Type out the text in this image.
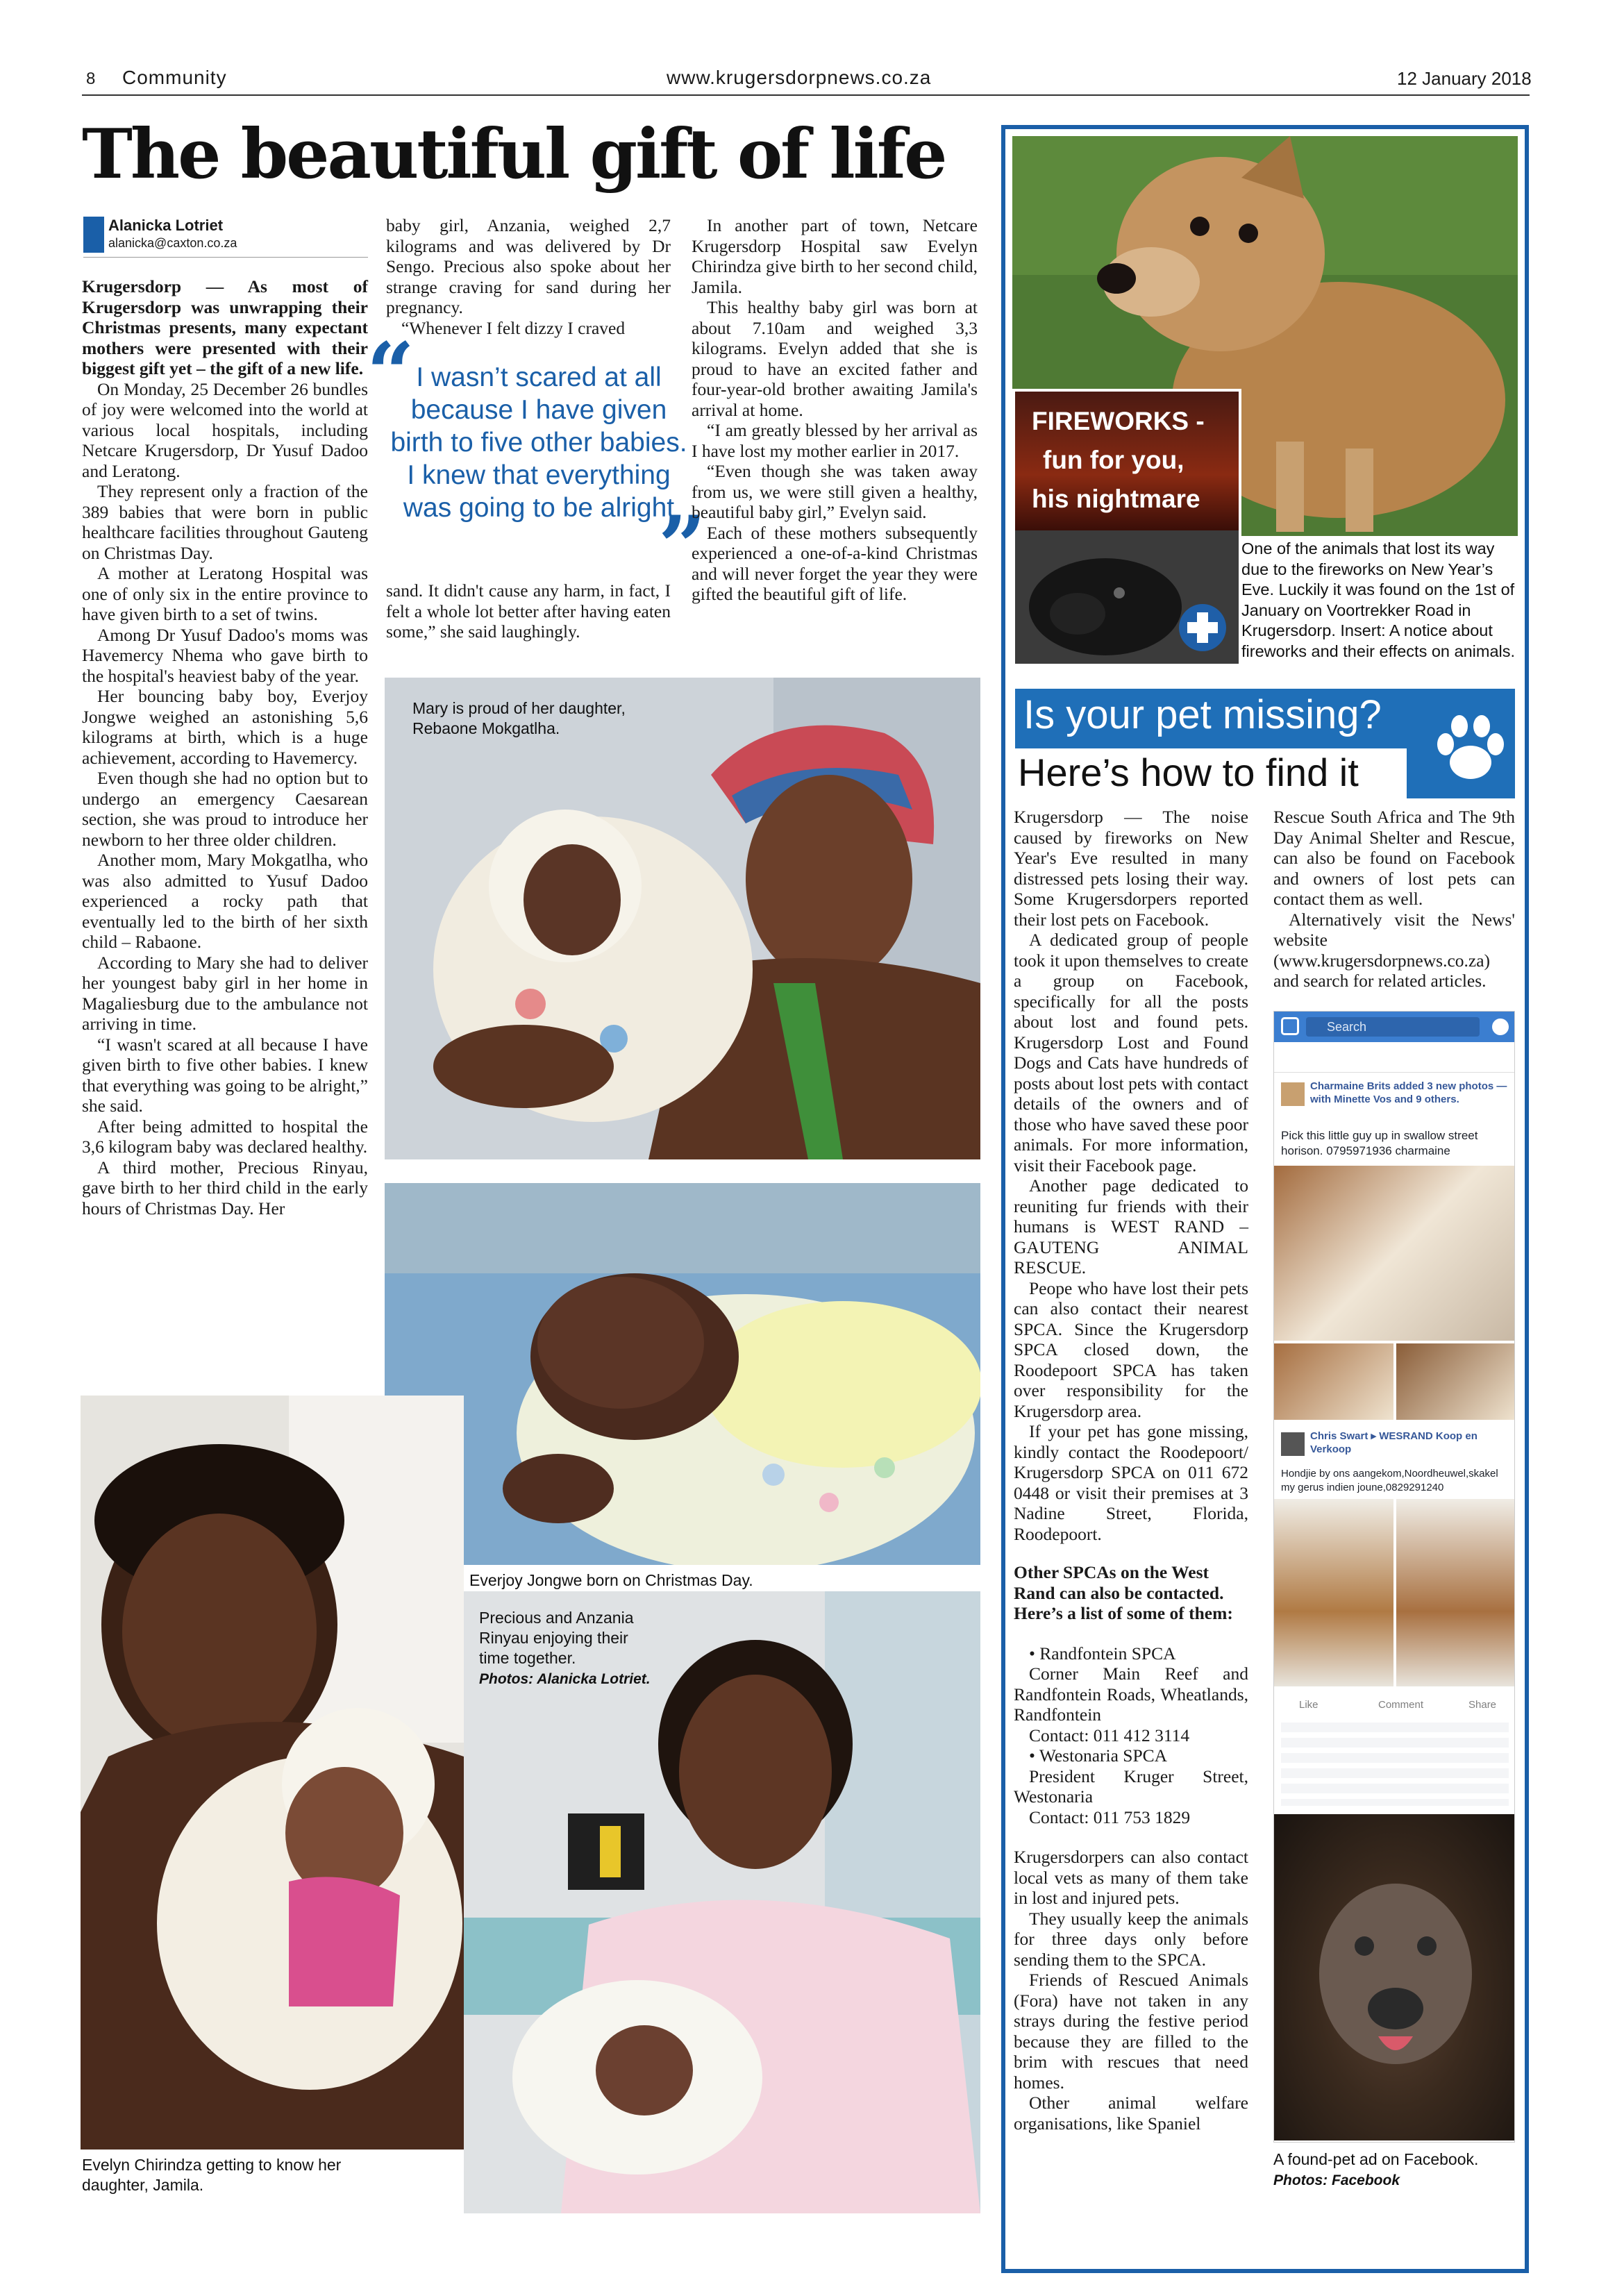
8 Community	www.krugersdorpnews.co.za	12 January 2018
The beautiful gift of life
Alanicka Lotriet
alanicka@caxton.co.za

Krugersdorp — As most of Krugersdorp was unwrapping their Christmas presents, many expectant mothers were presented with their biggest gift yet – the gift of a new life.

On Monday, 25 December 26 bundles of joy were welcomed into the world at various local hospitals, including Netcare Krugersdorp, Dr Yusuf Dadoo and Leratong.

They represent only a fraction of the 389 babies that were born in public healthcare facilities throughout Gauteng on Christmas Day.

A mother at Leratong Hospital was one of only six in the entire province to have given birth to a set of twins.

Among Dr Yusuf Dadoo's moms was Havemercy Nhema who gave birth to the hospital's heaviest baby of the year.

Her bouncing baby boy, Everjoy Jongwe weighed an astonishing 5,6 kilograms at birth, which is a huge achievement, according to Havemercy.

Even though she had no option but to undergo an emergency Caesarean section, she was proud to introduce her newborn to her three older children.

Another mom, Mary Mokgatlha, who was also admitted to Yusuf Dadoo experienced a rocky path that eventually led to the birth of her sixth child – Rabaone.

According to Mary she had to deliver her youngest baby girl in her home in Magaliesburg due to the ambulance not arriving in time.

“I wasn't scared at all because I have given birth to five other babies. I knew that everything was going to be alright,” she said.

After being admitted to hospital the 3,6 kilogram baby was declared healthy.

A third mother, Precious Rinyau, gave birth to her third child in the early hours of Christmas Day. Her

baby girl, Anzania, weighed 2,7 kilograms and was delivered by Dr Sengo. Precious also spoke about her strange craving for sand during her pregnancy.

“Whenever I felt dizzy I craved

“ I wasn’t scared at all because I have given birth to five other babies. I knew that everything was going to be alright
”

sand. It didn't cause any harm, in fact, I felt a whole lot better after having eaten some,” she said laughingly.

In another part of town, Netcare Krugersdorp Hospital saw Evelyn Chirindza give birth to her second child, Jamila.

This healthy baby girl was born at about 7.10am and weighed 3,3 kilograms. Evelyn added that she is proud to have an excited father and four-year-old brother awaiting Jamila's arrival at home.

“I am greatly blessed by her arrival as I have lost my mother earlier in 2017.

“Even though she was taken away from us, we were still given a healthy, beautiful baby girl,” Evelyn said.

Each of these mothers subsequently experienced a one-of-a-kind Christmas and will never forget the year they were gifted the beautiful gift of life.

Mary is proud of her daughter, Rebaone Mokgatlha.
Everjoy Jongwe born on Christmas Day.
Evelyn Chirindza getting to know her daughter, Jamila.
Precious and Anzania Rinyau enjoying their time together.
Photos: Alanicka Lotriet.
FIREWORKS -
fun for you,
his nightmare
One of the animals that lost its way due to the fireworks on New Year’s Eve. Luckily it was found on the 1st of January on Voortrekker Road in Krugersdorp. Insert: A notice about fireworks and their effects on animals.
Is your pet missing?
Here’s how to find it

Krugersdorp — The noise caused by fireworks on New Year's Eve resulted in many distressed pets losing their way. Some Krugersdorpers reported their lost pets on Facebook.

A dedicated group of people took it upon themselves to create a group on Facebook, specifically for all the posts about lost and found pets. Krugersdorp Lost and Found Dogs and Cats have hundreds of posts about lost pets with contact details of the owners and of those who have saved these poor animals. For more information, visit their Facebook page.

Another page dedicated to reuniting fur friends with their humans is WEST RAND – GAUTENG ANIMAL RESCUE.

Peope who have lost their pets can also contact their nearest SPCA. Since the Krugersdorp SPCA closed down, the Roodepoort SPCA has taken over responsibility for the Krugersdorp area.

If your pet has gone missing, kindly contact the Roodepoort/ Krugersdorp SPCA on 011 672 0448 or visit their premises at 3 Nadine Street, Florida, Roodepoort.

Other SPCAs on the West Rand can also be contacted. Here’s a list of some of them:

• Randfontein SPCA

Corner Main Reef and Randfontein Roads, Wheatlands, Randfontein

Contact: 011 412 3114

• Westonaria SPCA

President Kruger Street, Westonaria

Contact: 011 753 1829

Krugersdorpers can also contact local vets as many of them take in lost and injured pets.

They usually keep the animals for three days only before sending them to the SPCA.

Friends of Rescued Animals (Fora) have not taken in any strays during the festive period because they are filled to the brim with rescues that need homes.

Other animal welfare organisations, like Spaniel

Rescue South Africa and The 9th Day Animal Shelter and Rescue, can also be found on Facebook and owners of lost pets can contact them as well.

Alternatively visit the News' website (www.krugersdorpnews.co.za) and search for related articles.

Search
Charmaine Brits added 3 new photos — with Minette Vos and 9 others.
Pick this little guy up in swallow street horison. 0795971936 charmaine
Chris Swart ▸ WESRAND Koop en Verkoop
Hondjie by ons aangekom,Noordheuwel,skakel my gerus indien joune,0829291240
Like	Comment	Share
A found-pet ad on Facebook.
Photos: Facebook
